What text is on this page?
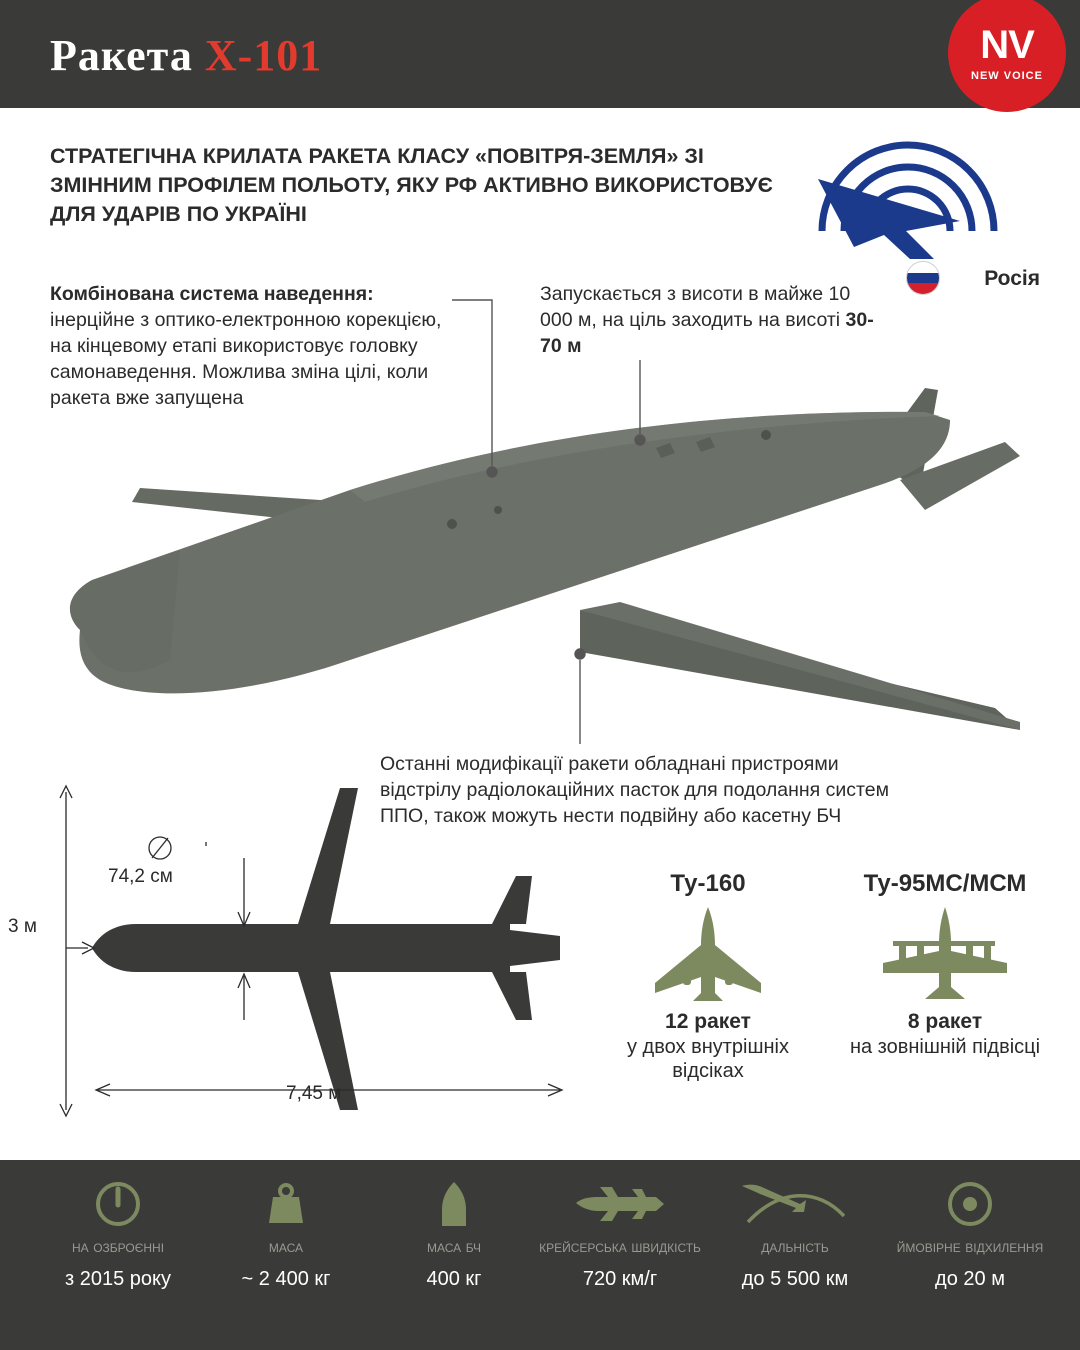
Ракета Х-101	NV
NEW VOICE
СТРАТЕГІЧНА КРИЛАТА РАКЕТА КЛАСУ «ПОВІТРЯ-ЗЕМЛЯ» ЗІ ЗМІННИМ ПРОФІЛЕМ ПОЛЬОТУ, ЯКУ РФ АКТИВНО ВИКОРИСТОВУЄ ДЛЯ УДАРІВ ПО УКРАЇНІ
Росія
Комбінована система наведення: інерційне з оптико-електронною корекцією, на кінцевому етапі використовує головку самонаведення. Можлива зміна цілі, коли ракета вже запущена
Запускається з висоти в майже 10 000 м, на ціль заходить на висоті 30-70 м
Останні модифікації ракети обладнані пристроями відстрілу радіолокаційних пасток для подолання систем ППО, також можуть нести подвійну або касетну БЧ
3 м
74,2 см
7,45 м
Ту-160
12 ракет
у двох внутрішніх відсіках
Ту-95МС/МСМ
8 ракет
на зовнішній підвісці
на озброєнні
з 2015 року
маса
~ 2 400 кг
маса бч
400 кг
крейсерська швидкість
720 км/г
дальність
до 5 500 км
ймовірне відхилення
до 20 м
